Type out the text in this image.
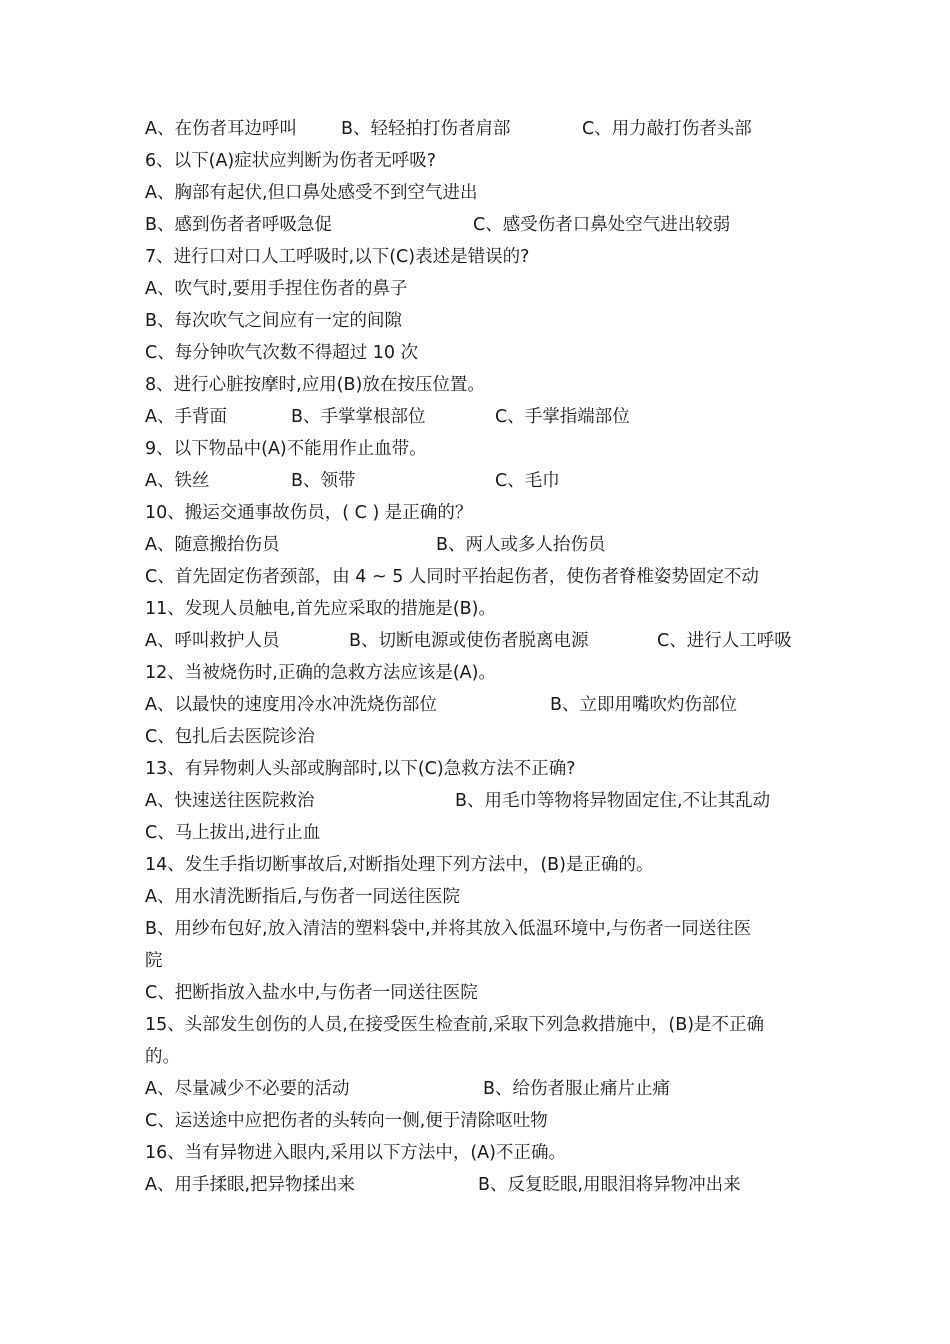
A、在伤者耳边呼叫	B、轻轻拍打伤者肩部	C、用力敲打伤者头部
6、以下(A)症状应判断为伤者无呼吸?
A、胸部有起伏,但口鼻处感受不到空气进出
B、感到伤者者呼吸急促	C、感受伤者口鼻处空气进出较弱
7、进行口对口人工呼吸时,以下(C)表述是错误的?
A、吹气时,要用手捏住伤者的鼻子
B、每次吹气之间应有一定的间隙
C、每分钟吹气次数不得超过 10 次
8、进行心脏按摩时,应用(B)放在按压位置。
A、手背面	B、手掌掌根部位	C、手掌指端部位
9、以下物品中(A)不能用作止血带。
A、铁丝	B、领带	C、毛巾
10、搬运交通事故伤员，( C ) 是正确的？
A、随意搬抬伤员	B、两人或多人抬伤员
C、首先固定伤者颈部，由 4 ~ 5 人同时平抬起伤者，使伤者脊椎姿势固定不动
11、发现人员触电,首先应采取的措施是(B)。
A、呼叫救护人员	B、切断电源或使伤者脱离电源	C、进行人工呼吸
12、当被烧伤时,正确的急救方法应该是(A)。
A、以最快的速度用冷水冲洗烧伤部位	B、立即用嘴吹灼伤部位
C、包扎后去医院诊治
13、有异物刺人头部或胸部时,以下(C)急救方法不正确?
A、快速送往医院救治	B、用毛巾等物将异物固定住,不让其乱动
C、马上拔出,进行止血
14、发生手指切断事故后,对断指处理下列方法中，(B)是正确的。
A、用水清洗断指后,与伤者一同送往医院
B、用纱布包好,放入清洁的塑料袋中,并将其放入低温环境中,与伤者一同送往医
院
C、把断指放入盐水中,与伤者一同送往医院
15、头部发生创伤的人员,在接受医生检查前,采取下列急救措施中，(B)是不正确
的。
A、尽量减少不必要的活动	B、给伤者服止痛片止痛
C、运送途中应把伤者的头转向一侧,便于清除呕吐物
16、当有异物进入眼内,采用以下方法中，(A)不正确。
A、用手揉眼,把异物揉出来	B、反复眨眼,用眼泪将异物冲出来
